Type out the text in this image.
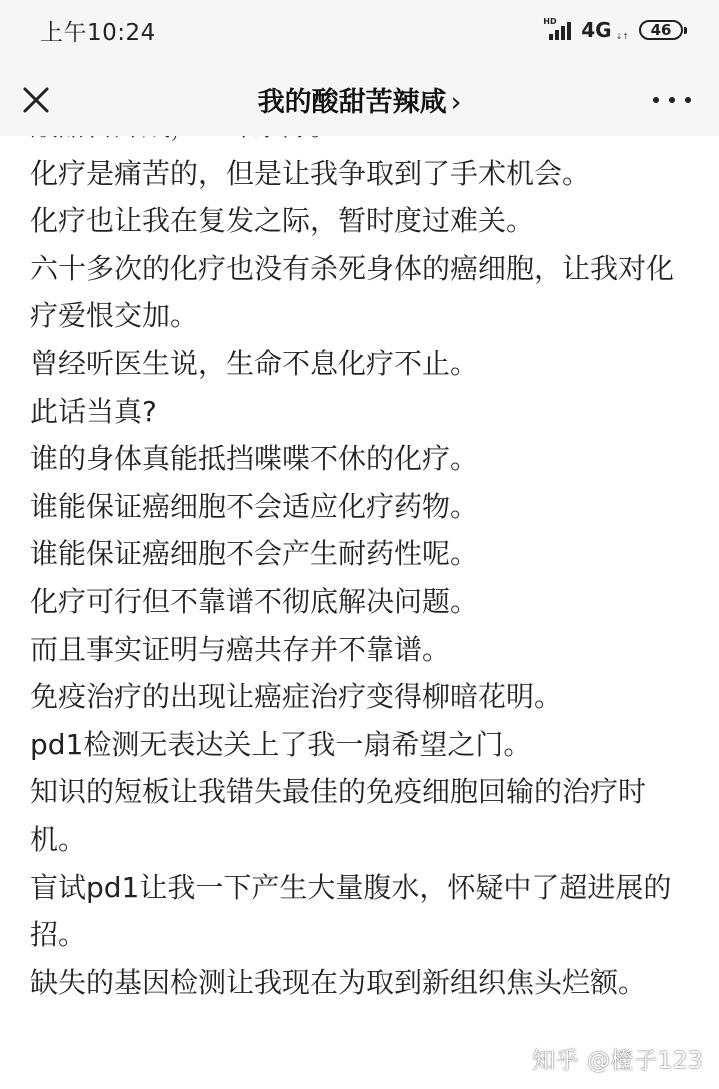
上午10:24	HD 4G ↓↑ 46
我的酸甜苦辣咸 ›

化疗是痛苦的，但是让我争取到了手术机会。

化疗也让我在复发之际，暂时度过难关。

六十多次的化疗也没有杀死身体的癌细胞，让我对化疗爱恨交加。

曾经听医生说，生命不息化疗不止。

此话当真?

谁的身体真能抵挡喋喋不休的化疗。

谁能保证癌细胞不会适应化疗药物。

谁能保证癌细胞不会产生耐药性呢。

化疗可行但不靠谱不彻底解决问题。

而且事实证明与癌共存并不靠谱。

免疫治疗的出现让癌症治疗变得柳暗花明。

pd1检测无表达关上了我一扇希望之门。

知识的短板让我错失最佳的免疫细胞回输的治疗时机。

盲试pd1让我一下产生大量腹水，怀疑中了超进展的招。

缺失的基因检测让我现在为取到新组织焦头烂额。

知乎 @橙子123
